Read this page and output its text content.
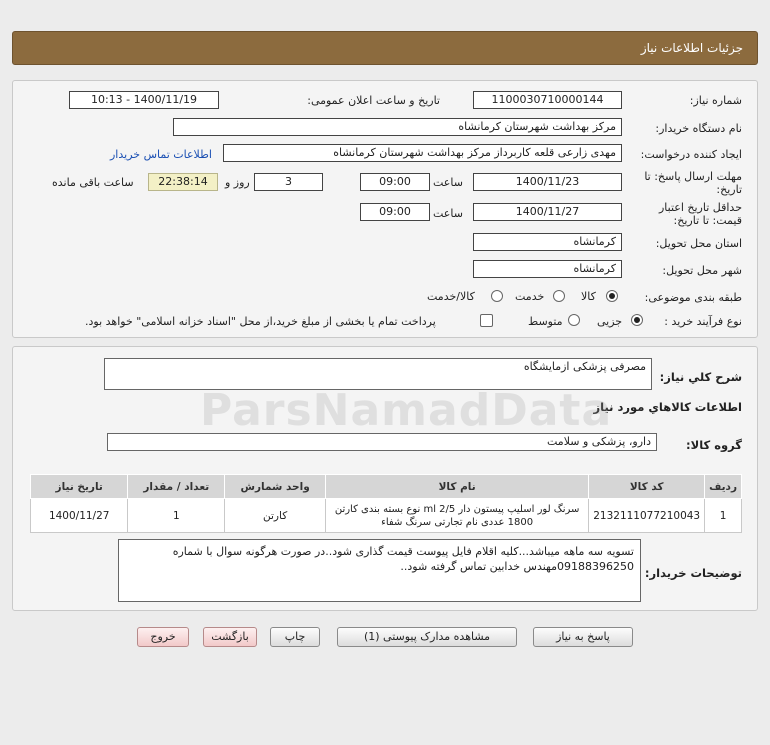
جزئیات اطلاعات نیاز
شماره نیاز:
1100030710000144
تاریخ و ساعت اعلان عمومی:
1400/11/19 - 10:13
نام دستگاه خریدار:
مرکز بهداشت شهرستان کرمانشاه
ایجاد کننده درخواست:
مهدی زارعی قلعه کاربرداز مرکز بهداشت شهرستان کرمانشاه
اطلاعات تماس خریدار
مهلت ارسال پاسخ: تا
تاریخ:
1400/11/23
ساعت
09:00
3
روز و
22:38:14
ساعت باقی مانده
حداقل تاریخ اعتبار
قیمت: تا تاریخ:
1400/11/27
ساعت
09:00
استان محل تحویل:
کرمانشاه
شهر محل تحویل:
کرمانشاه
طبقه بندی موضوعی:
کالا
خدمت
کالا/خدمت
نوع فرآیند خرید :
جزیی
متوسط
پرداخت تمام یا بخشی از مبلغ خرید،از محل "اسناد خزانه اسلامی" خواهد بود.
شرح کلي نياز:
مصرفی پزشکی ازمایشگاه
اطلاعات کالاهاي مورد نياز
گروه کالا:
دارو، پزشکی و سلامت
ردیف	کد کالا	نام کالا	واحد شمارش	تعداد / مقدار	تاریخ نیاز
1	2132111077210043	سرنگ لور اسلیپ پیستون دار ml 2/5 نوع بسته بندی کارتن
1800 عددی نام تجارتی سرنگ شفاء	کارتن	1	1400/11/27
توضیحات خریدار:
تسویه سه ماهه میباشد...کلیه اقلام فایل پیوست قیمت گذاری شود..در صورت هرگونه سوال با شماره
09188396250مهندس خدابین تماس گرفته شود..
ParsNamadData
پاسخ به نیاز
مشاهده مدارک پیوستی (1)
چاپ
بازگشت
خروج
